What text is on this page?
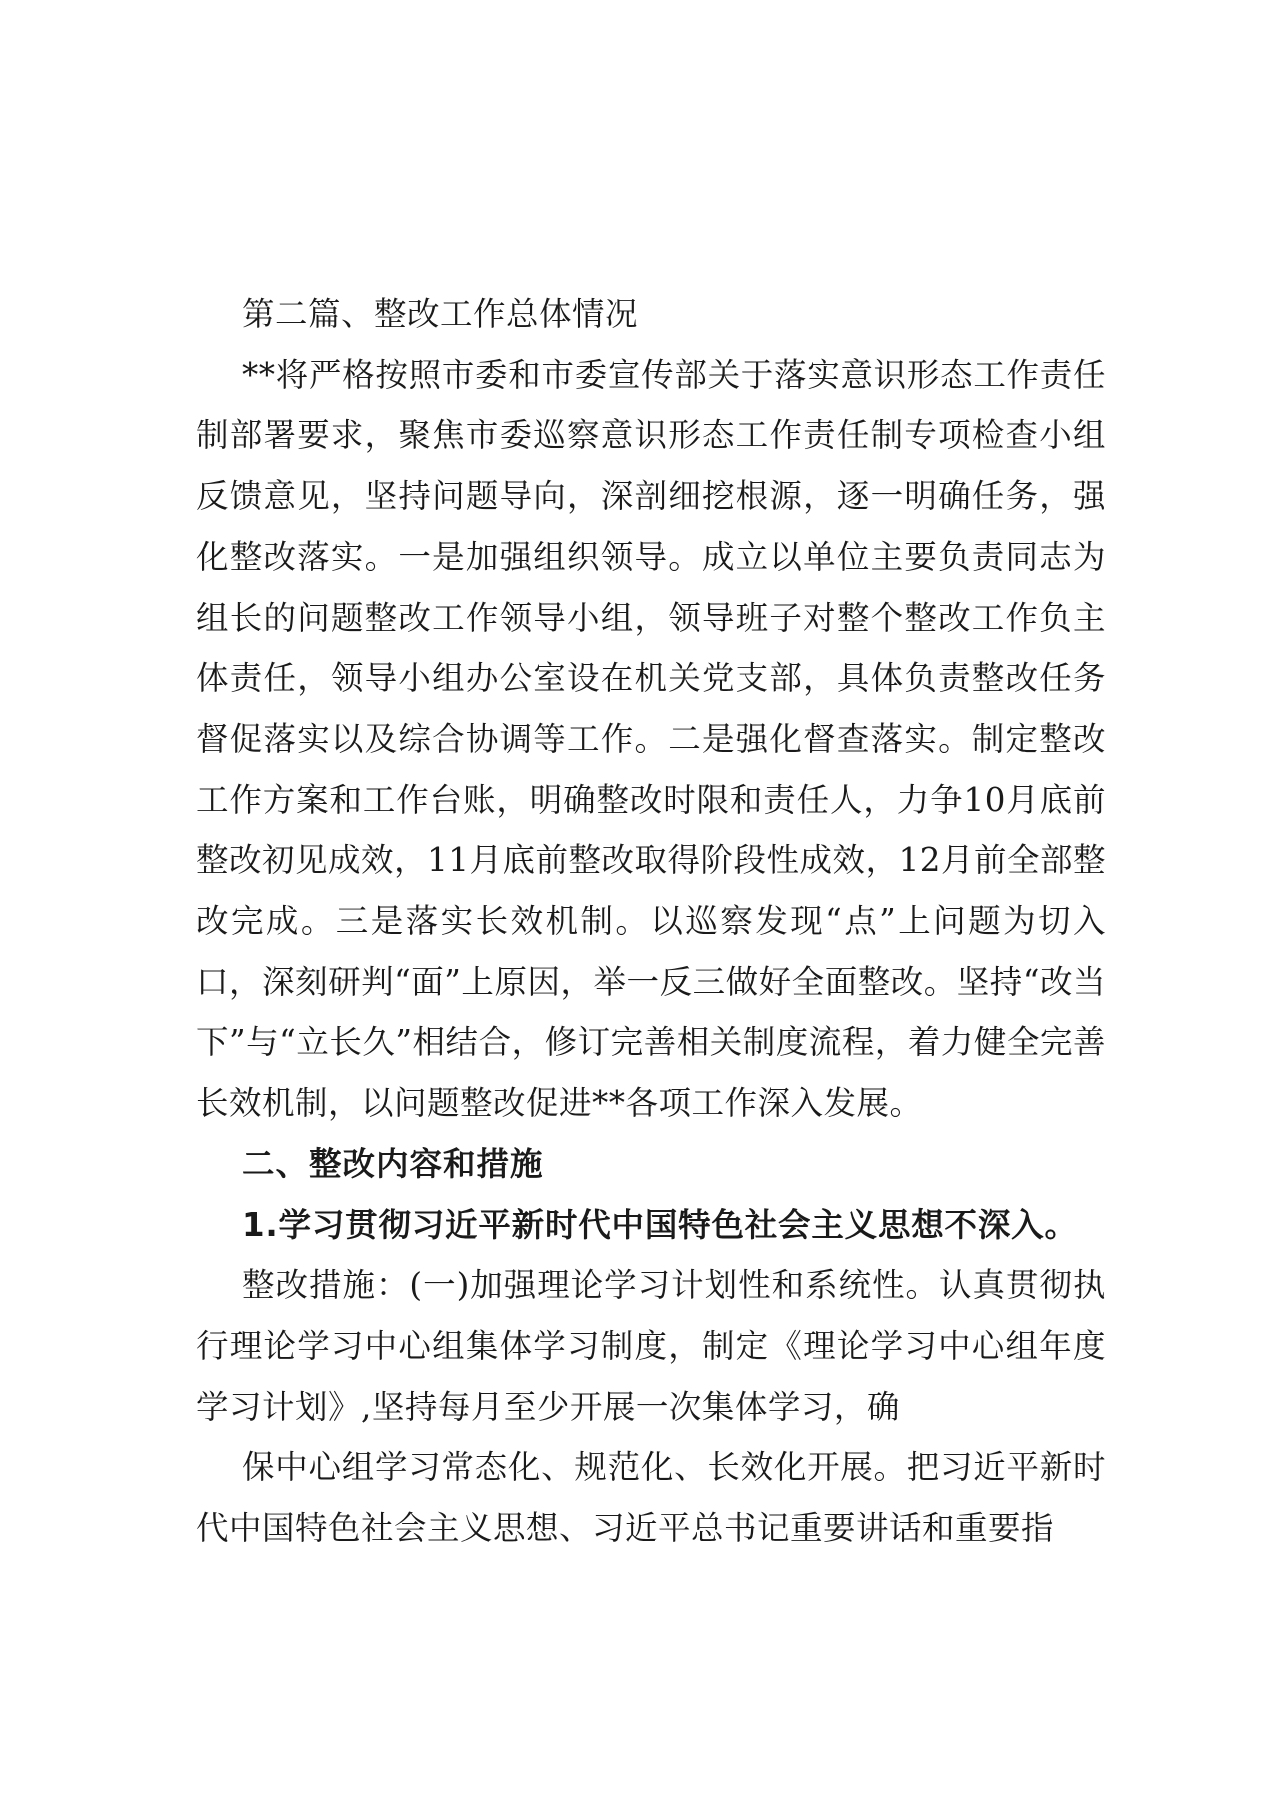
第二篇、整改工作总体情况

**将严格按照市委和市委宣传部关于落实意识形态工作责任制部署要求，聚焦市委巡察意识形态工作责任制专项检查小组反馈意见，坚持问题导向，深剖细挖根源，逐一明确任务，强化整改落实。一是加强组织领导。成立以单位主要负责同志为组长的问题整改工作领导小组，领导班子对整个整改工作负主体责任，领导小组办公室设在机关党支部，具体负责整改任务督促落实以及综合协调等工作。二是强化督查落实。制定整改工作方案和工作台账，明确整改时限和责任人，力争10月底前整改初见成效，11月底前整改取得阶段性成效，12月前全部整改完成。三是落实长效机制。以巡察发现“点”上问题为切入口，深刻研判“面”上原因，举一反三做好全面整改。坚持“改当下”与“立长久”相结合，修订完善相关制度流程，着力健全完善长效机制，以问题整改促进**各项工作深入发展。

二、整改内容和措施

1.学习贯彻习近平新时代中国特色社会主义思想不深入。

整改措施：(一)加强理论学习计划性和系统性。认真贯彻执行理论学习中心组集体学习制度，制定《理论学习中心组年度学习计划》,坚持每月至少开展一次集体学习，确

保中心组学习常态化、规范化、长效化开展。把习近平新时代中国特色社会主义思想、习近平总书记重要讲话和重要指
